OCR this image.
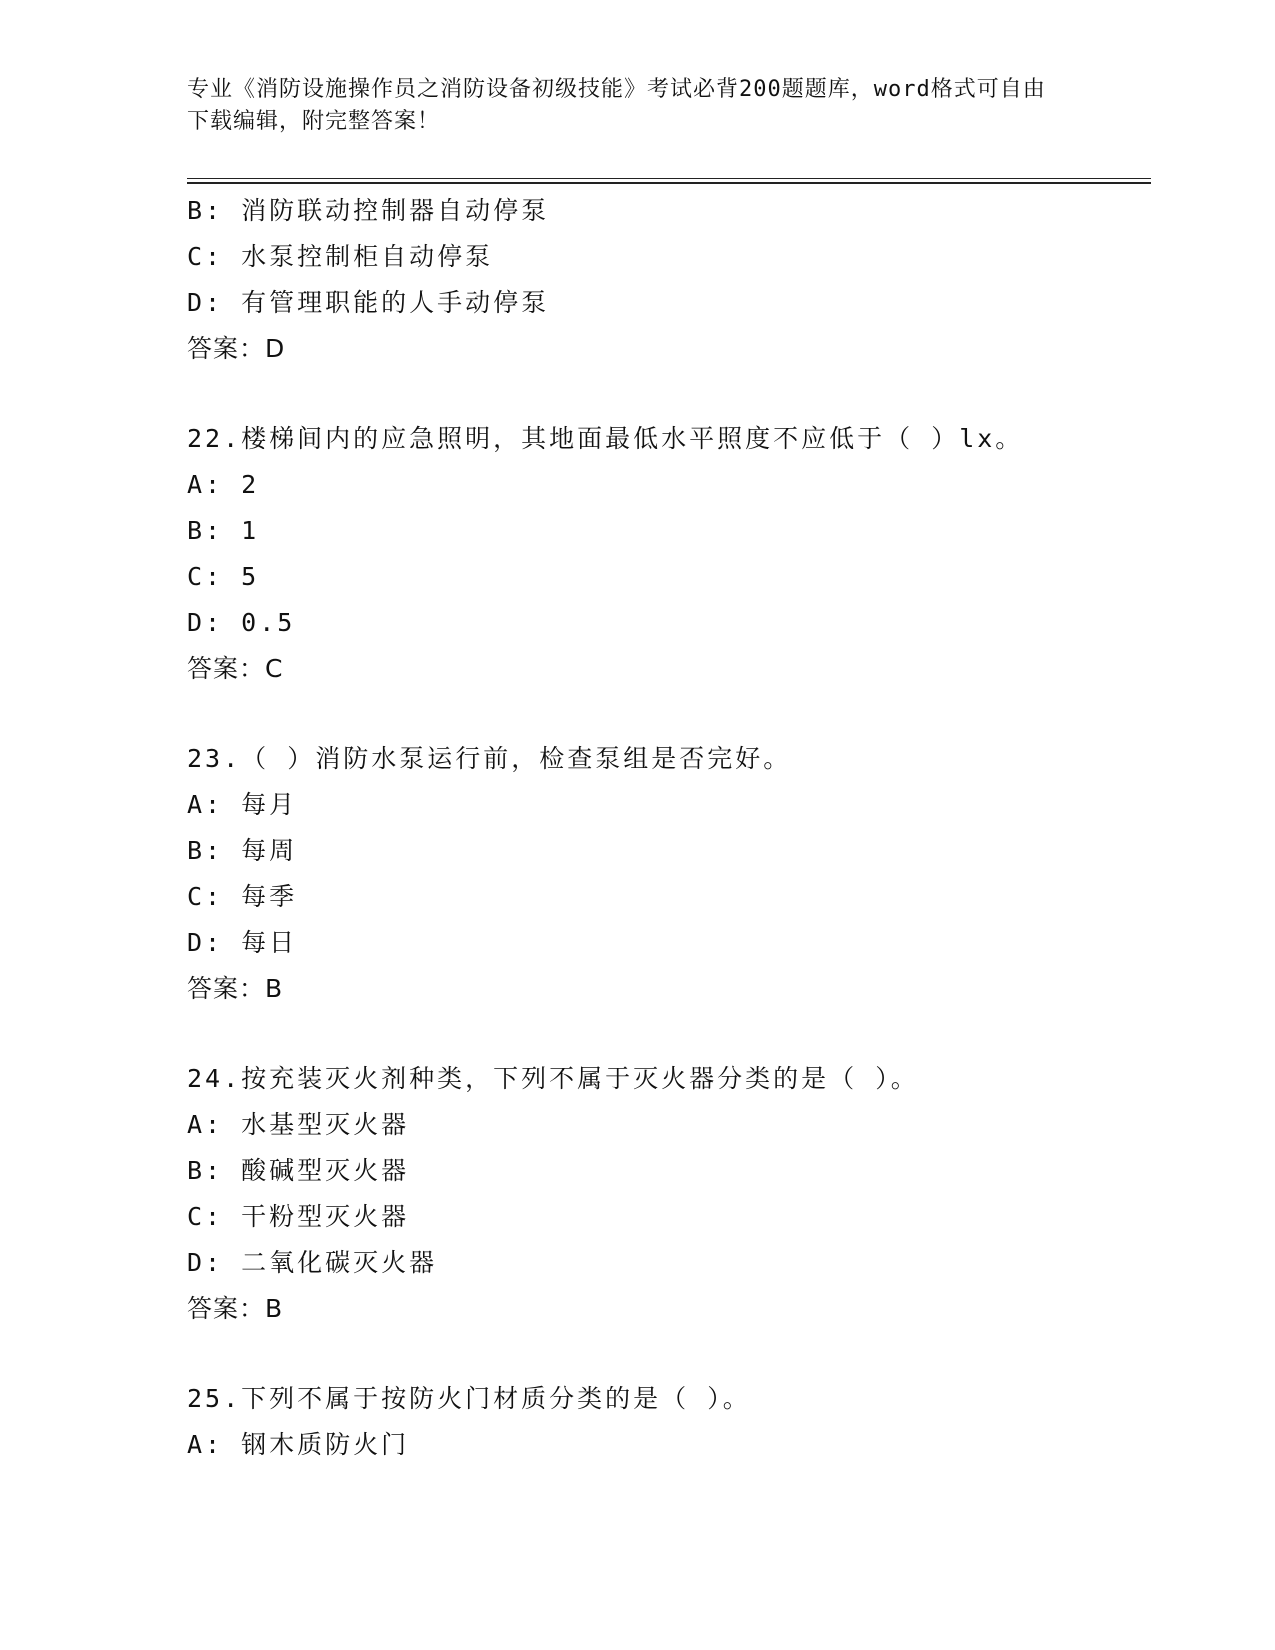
专业《消防设施操作员之消防设备初级技能》考试必背200题题库，word格式可自由下载编辑，附完整答案！
B: 消防联动控制器自动停泵
C: 水泵控制柜自动停泵
D: 有管理职能的人手动停泵
答案：D
22.楼梯间内的应急照明，其地面最低水平照度不应低于（ ）lx。
A: 2
B: 1
C: 5
D: 0.5
答案：C
23.（ ）消防水泵运行前，检查泵组是否完好。
A: 每月
B: 每周
C: 每季
D: 每日
答案：B
24.按充装灭火剂种类，下列不属于灭火器分类的是（ ）。
A: 水基型灭火器
B: 酸碱型灭火器
C: 干粉型灭火器
D: 二氧化碳灭火器
答案：B
25.下列不属于按防火门材质分类的是（ ）。
A: 钢木质防火门
